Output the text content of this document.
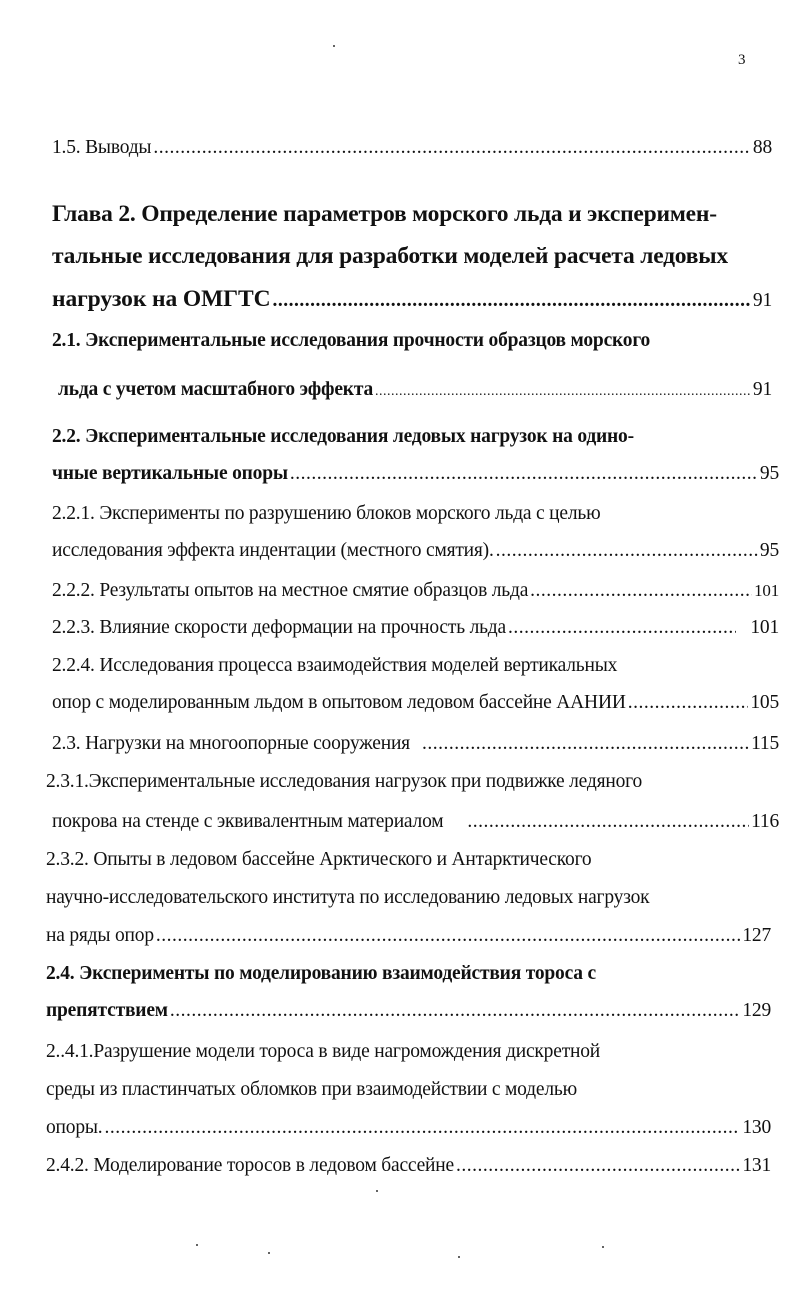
3
1.5. Выводы .....	88
Глава 2. Определение параметров морского льда и эксперимен-
тальные исследования для разработки моделей расчета ледовых
нагрузок на ОМГТС .....	91
2.1. Экспериментальные исследования прочности образцов морского
льда с учетом масштабного эффекта .....	91
2.2. Экспериментальные исследования ледовых нагрузок на одино-
чные вертикальные опоры .....	95
2.2.1. Эксперименты по разрушению блоков морского льда с целью
исследования эффекта индентации (местного смятия). .....	95
2.2.2. Результаты опытов на местное смятие образцов льда .....	101
2.2.3. Влияние скорости деформации на прочность льда .....	101
2.2.4. Исследования процесса взаимодействия моделей вертикальных
опор с моделированным льдом в опытовом ледовом бассейне ААНИИ .....	105
2.3. Нагрузки на многоопорные сооружения .....	115
2.3.1.Экспериментальные исследования нагрузок при подвижке ледяного
покрова на стенде с эквивалентным материалом .....	116
2.3.2. Опыты в ледовом бассейне Арктического и Антарктического
научно-исследовательского института по исследованию ледовых нагрузок
на ряды опор .....	127
2.4. Эксперименты по моделированию взаимодействия тороса с
препятствием .....	129
2..4.1.Разрушение модели тороса в виде нагромождения дискретной
среды из пластинчатых обломков при взаимодействии с моделью
опоры. .....	130
2.4.2. Моделирование торосов в ледовом бассейне .....	131
